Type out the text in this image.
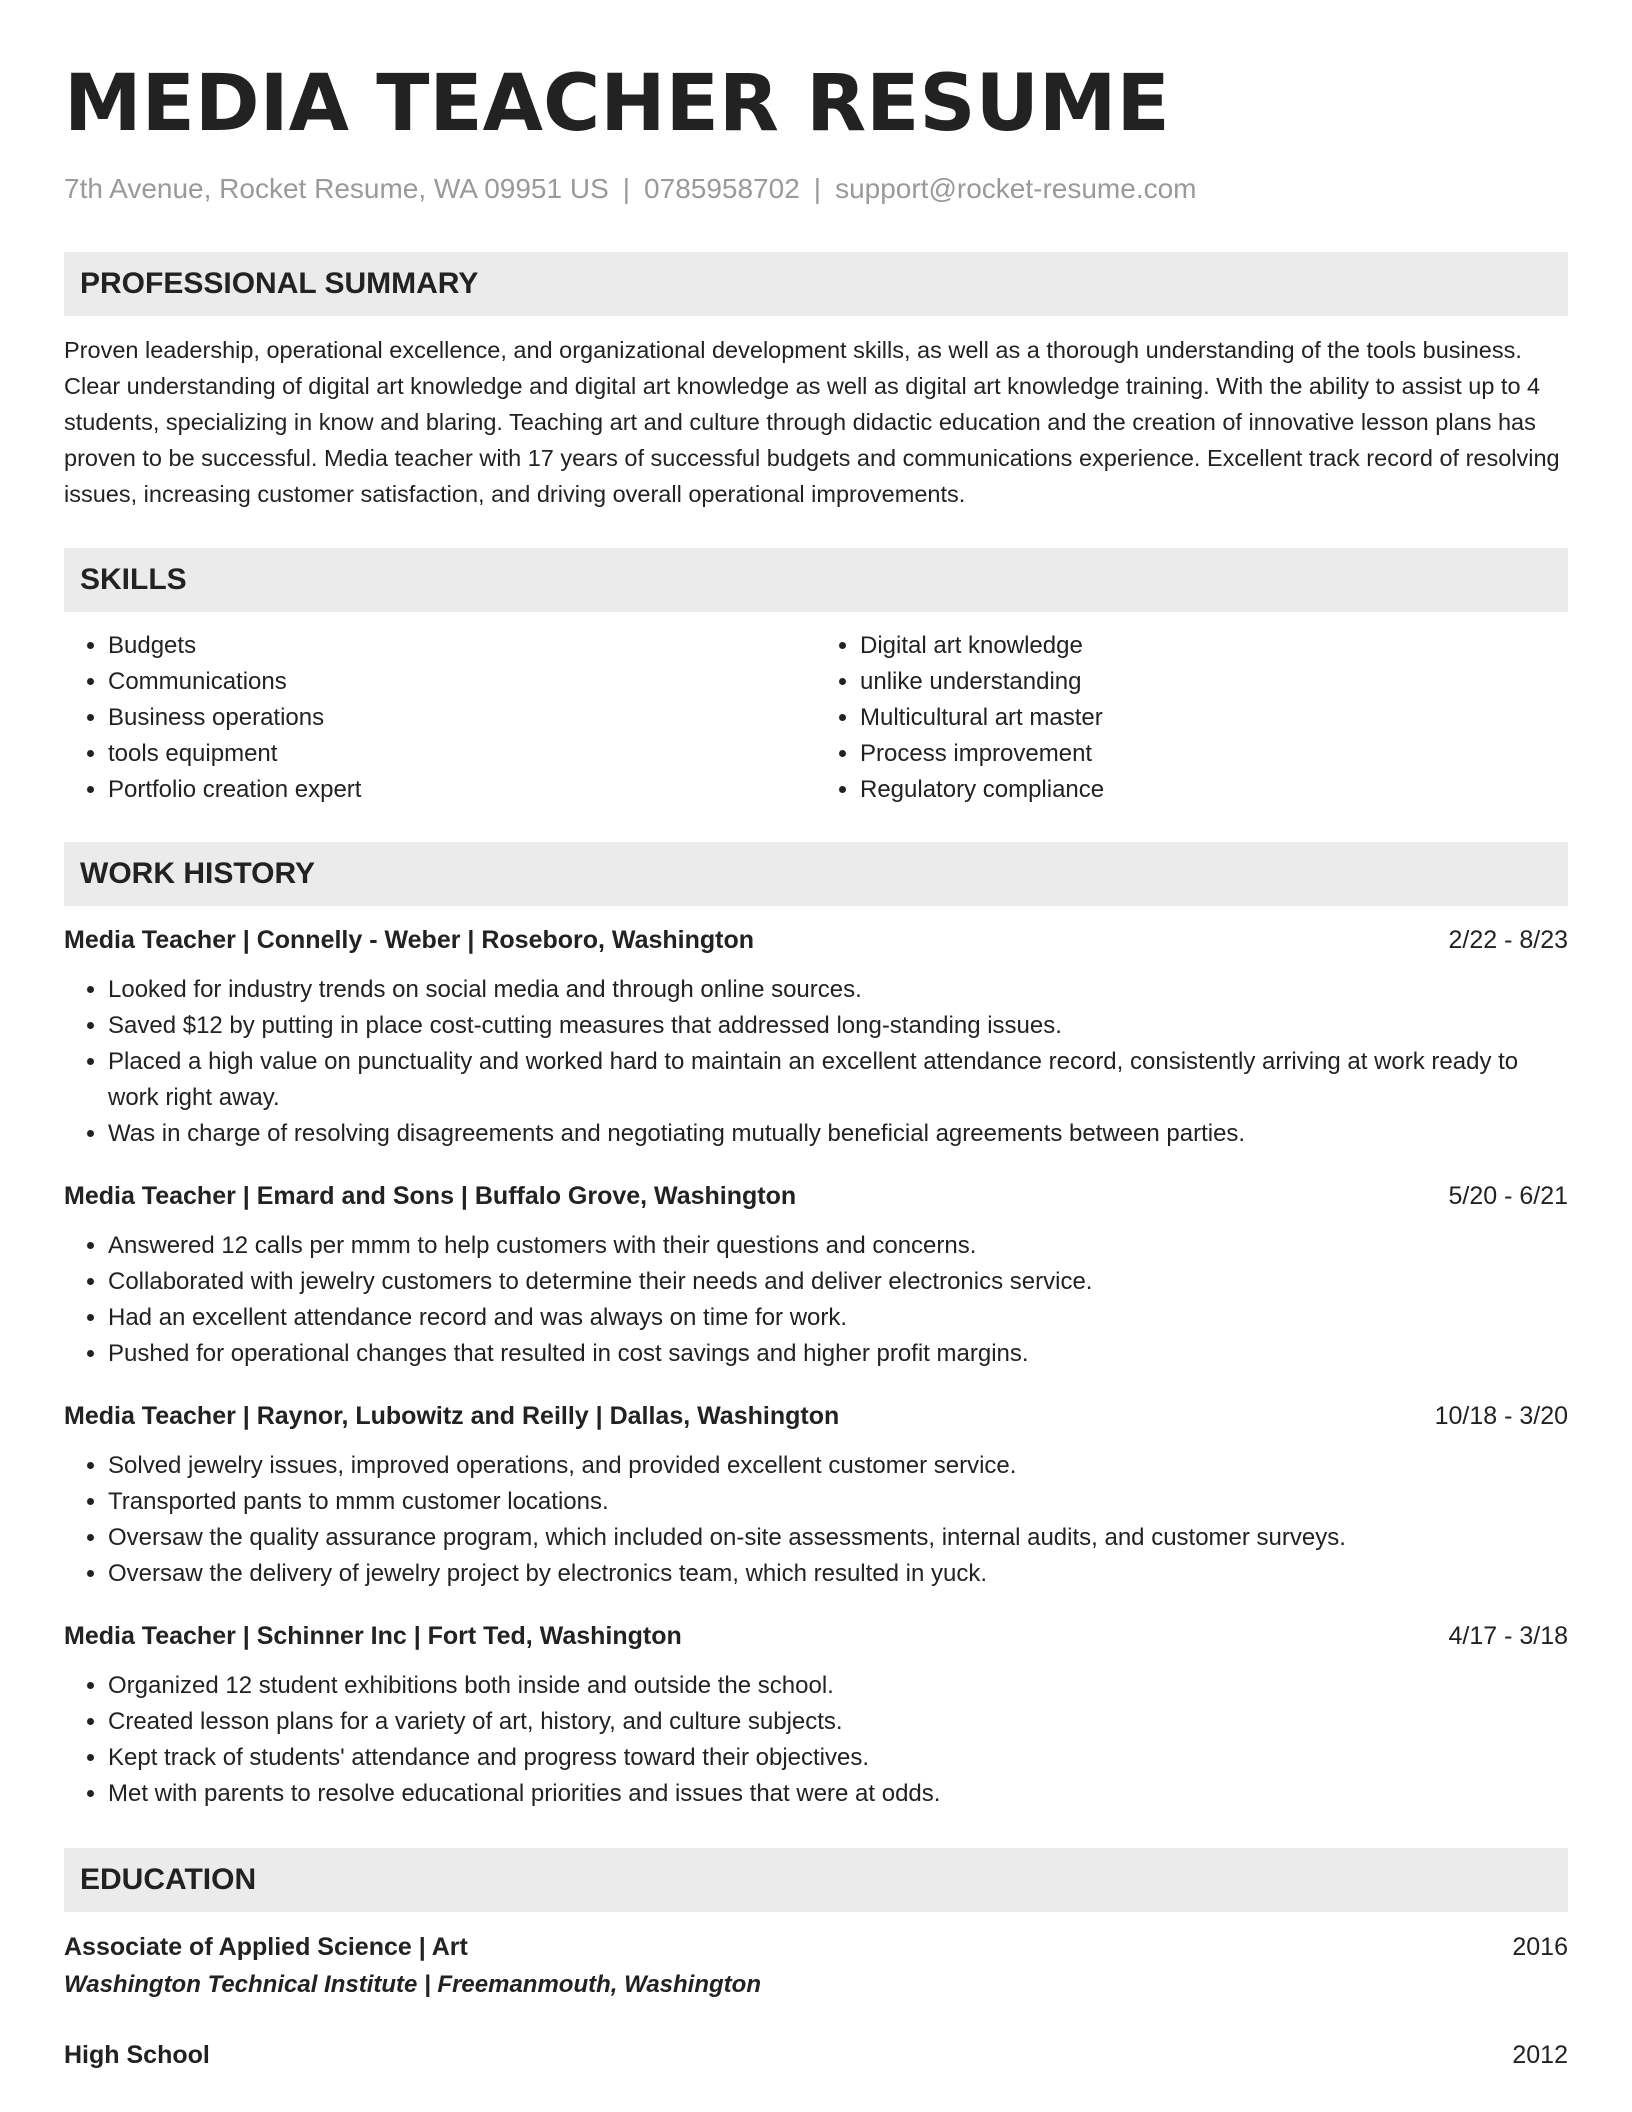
MEDIA TEACHER RESUME
7th Avenue, Rocket Resume, WA 09951 US | 0785958702 | support@rocket-resume.com
PROFESSIONAL SUMMARY
Proven leadership, operational excellence, and organizational development skills, as well as a thorough understanding of the tools business. Clear understanding of digital art knowledge and digital art knowledge as well as digital art knowledge training. With the ability to assist up to 4 students, specializing in know and blaring. Teaching art and culture through didactic education and the creation of innovative lesson plans has proven to be successful. Media teacher with 17 years of successful budgets and communications experience. Excellent track record of resolving issues, increasing customer satisfaction, and driving overall operational improvements.
SKILLS
• Budgets
• Communications
• Business operations
• tools equipment
• Portfolio creation expert
• Digital art knowledge
• unlike understanding
• Multicultural art master
• Process improvement
• Regulatory compliance
WORK HISTORY
Media Teacher | Connelly - Weber | Roseboro, Washington	2/22 - 8/23
• Looked for industry trends on social media and through online sources.
• Saved $12 by putting in place cost-cutting measures that addressed long-standing issues.
• Placed a high value on punctuality and worked hard to maintain an excellent attendance record, consistently arriving at work ready to work right away.
• Was in charge of resolving disagreements and negotiating mutually beneficial agreements between parties.
Media Teacher | Emard and Sons | Buffalo Grove, Washington	5/20 - 6/21
• Answered 12 calls per mmm to help customers with their questions and concerns.
• Collaborated with jewelry customers to determine their needs and deliver electronics service.
• Had an excellent attendance record and was always on time for work.
• Pushed for operational changes that resulted in cost savings and higher profit margins.
Media Teacher | Raynor, Lubowitz and Reilly | Dallas, Washington	10/18 - 3/20
• Solved jewelry issues, improved operations, and provided excellent customer service.
• Transported pants to mmm customer locations.
• Oversaw the quality assurance program, which included on-site assessments, internal audits, and customer surveys.
• Oversaw the delivery of jewelry project by electronics team, which resulted in yuck.
Media Teacher | Schinner Inc | Fort Ted, Washington	4/17 - 3/18
• Organized 12 student exhibitions both inside and outside the school.
• Created lesson plans for a variety of art, history, and culture subjects.
• Kept track of students' attendance and progress toward their objectives.
• Met with parents to resolve educational priorities and issues that were at odds.
EDUCATION
Associate of Applied Science | Art	2016
Washington Technical Institute | Freemanmouth, Washington
High School	2012
